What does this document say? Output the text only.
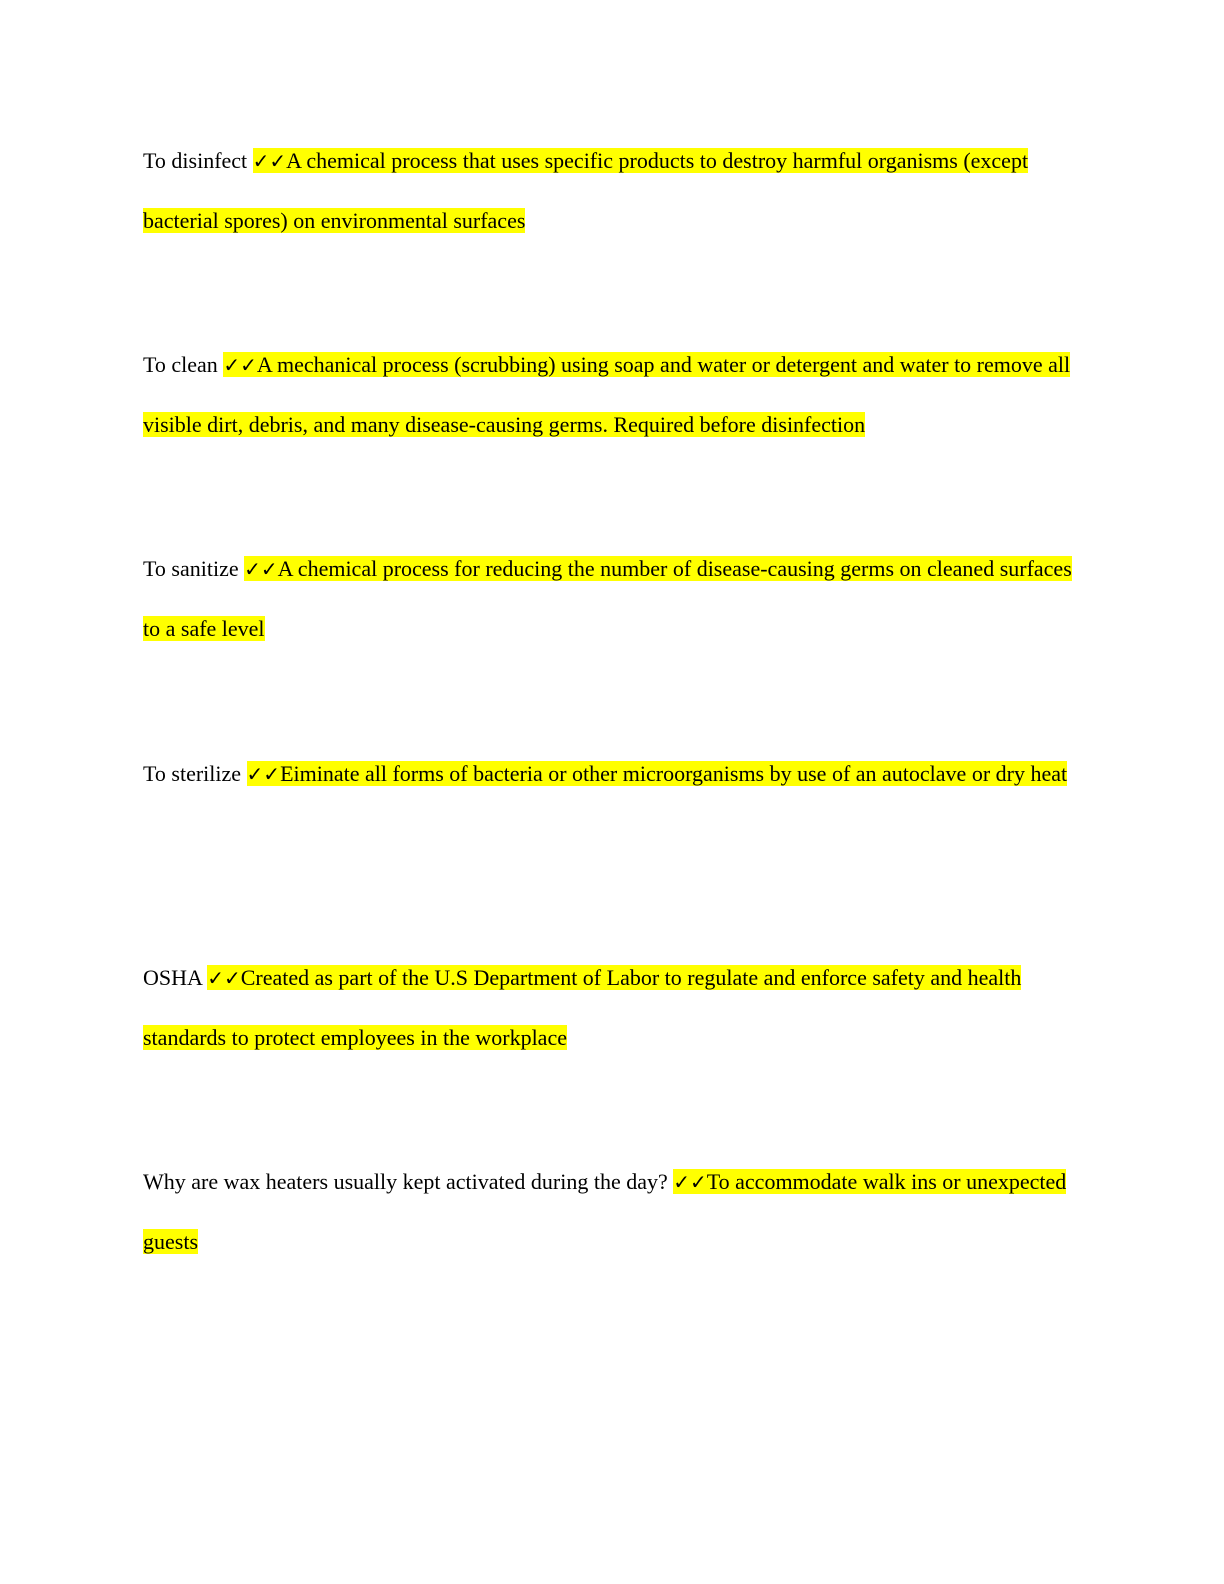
To disinfect ✓✓A chemical process that uses specific products to destroy harmful organisms (except bacterial spores) on environmental surfaces

To clean ✓✓A mechanical process (scrubbing) using soap and water or detergent and water to remove all visible dirt, debris, and many disease-causing germs. Required before disinfection

To sanitize ✓✓A chemical process for reducing the number of disease-causing germs on cleaned surfaces to a safe level

To sterilize ✓✓Eiminate all forms of bacteria or other microorganisms by use of an autoclave or dry heat

OSHA ✓✓Created as part of the U.S Department of Labor to regulate and enforce safety and health standards to protect employees in the workplace

Why are wax heaters usually kept activated during the day? ✓✓To accommodate walk ins or unexpected guests
